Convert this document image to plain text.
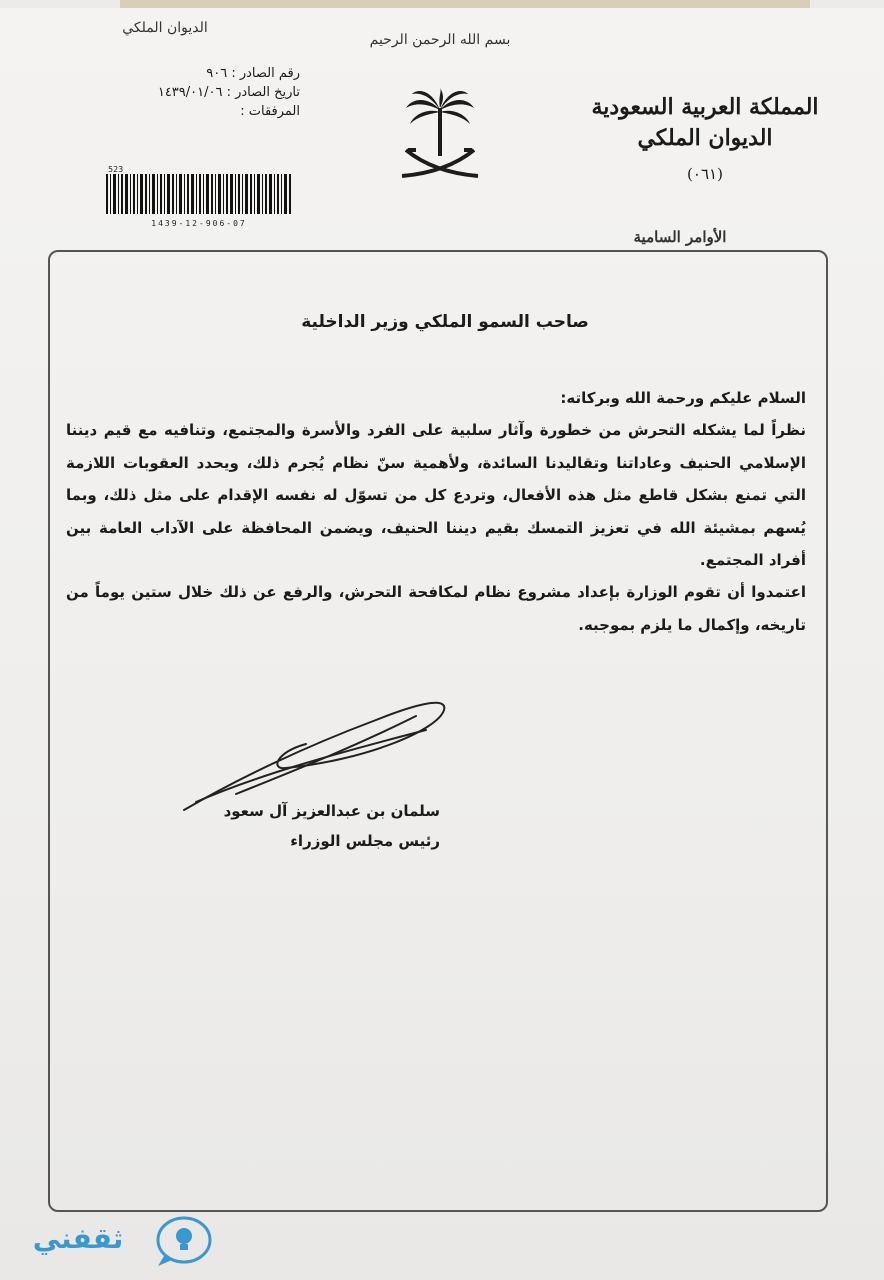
الديوان الملكي
بسم الله الرحمن الرحيم
رقم الصادر : ٩٠٦
تاريخ الصادر : ١٤٣٩/٠١/٠٦
المرفقات :
523
1439-12-906-07
المملكة العربية السعودية
الديوان الملكي
(٠٦١)
الأوامر السامية
صاحب السمو الملكي وزير الداخلية

السلام عليكم ورحمة الله وبركاته:

نظراً لما يشكله التحرش من خطورة وآثار سلبية على الفرد والأسرة والمجتمع، وتنافيه مع قيم ديننا الإسلامي الحنيف وعاداتنا وتقاليدنا السائدة، ولأهمية سنّ نظام يُجرم ذلك، ويحدد العقوبات اللازمة التي تمنع بشكل قاطع مثل هذه الأفعال، وتردع كل من تسوّل له نفسه الإقدام على مثل ذلك، وبما يُسهم بمشيئة الله في تعزيز التمسك بقيم ديننا الحنيف، ويضمن المحافظة على الآداب العامة بين أفراد المجتمع.

اعتمدوا أن تقوم الوزارة بإعداد مشروع نظام لمكافحة التحرش، والرفع عن ذلك خلال ستين يوماً من تاريخه، وإكمال ما يلزم بموجبه.

سلمان بن عبدالعزيز آل سعود
رئيس مجلس الوزراء
ثقفني
